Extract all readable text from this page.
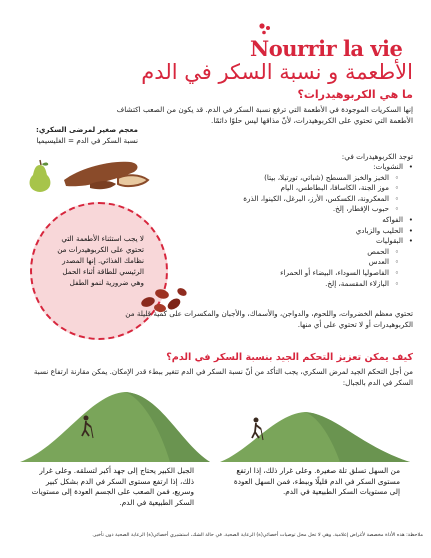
Nourrir la vie
الأطعمة و نسبة السكر في الدم
ما هي الكربوهيدرات؟
إنها السكريات الموجودة في الأطعمة التي ترفع نسبة السكر في الدم. قد يكون من الصعب اكتشاف الأطعمة التي تحتوي على الكربوهيدرات، لأنّ مذاقها ليس حلوًا دائمًا.
معجم صغير لمرضى السكري:
نسبة السكر في الدم = الغليسيميا
توجد الكربوهيدرات في:
• النشويات:
◦ الخبز والخبز المسطح (شباتي، تورتيلا، بيتا)
◦ موز الجنة، الكاسافا، البطاطس، اليام
◦ المعكرونة، الكسكس، الأرز، البرغل، الكينوا، الذرة
◦ حبوب الإفطار، إلخ.
• الفواكه
• الحليب والزبادي
• البقوليات
◦ الحمص
◦ العدس
◦ الفاصوليا السوداء، البيضاء أو الحمراء
◦ البازلاء المقسمة، إلخ.
لا يجب استثناء الأطعمة التي تحتوي على الكربوهيدرات من نظامك الغذائي. إنها المصدر الرئيسي للطاقة أثناء الحمل وهي ضرورية لنمو الطفل
تحتوي معظم الخضروات، واللحوم، والدواجن، والأسماك، والأجبان والمكسرات على كمية قليلة من الكربوهيدرات أو لا تحتوي على أي منها.
كيف يمكن تعزيز التحكم الجيد بنسبة السكر في الدم؟
من أجل التحكم الجيد لمرض السكري، يجب التأكد من أنّ نسبة السكر في الدم تتغير ببطء قدر الإمكان. يمكن مقارنة ارتفاع نسبة السكر في الدم بالجبال:
من السهل تسلق تلة صغيرة. وعلى غرار ذلك، إذا ارتفع مستوى السكر في الدم قليلًا وببطء، فمن السهل العودة إلى مستويات السكر الطبيعية في الدم.
الجبل الكبير يحتاج إلى جهد أكبر لتسلقه. وعلى غرار ذلك، إذا ارتفع مستوى السكر في الدم بشكل كبير وسريع، فمن الصعب على الجسم العودة إلى مستويات السكر الطبيعية في الدم.
ملاحظة: هذه الأداة مخصصة لأغراض إعلامية. وهي لا تحل محل توصيات أخصائي(ة) الرعاية الصحية. في حالة الشك، استشيري أخصائي(ة) الرعاية الصحية دون تأخير.
